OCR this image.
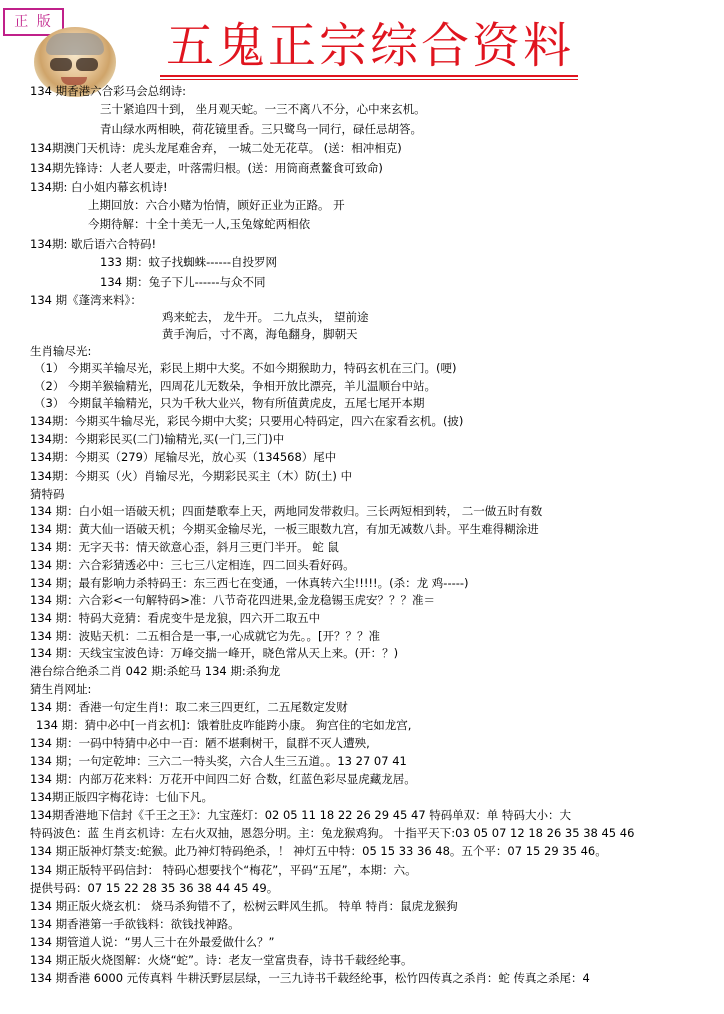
正 版 五鬼正宗综合资料
134 期香港六合彩马会总纲诗:
三十紧追四十到， 坐月观天蛇。一三不离八不分，心中来玄机。
青山绿水两相映，荷花镜里香。三只鹭鸟一同行，碌任忌胡答。
134期澳门天机诗：虎头龙尾难舍弃， 一城二处无花草。 (送：相冲相克)
134期先锋诗：人老人要走，叶落需归根。(送：用筒商煮鳌食可致命)
134期: 白小姐内幕玄机诗!
上期回放：六合小赌为怡情，顾好正业为正路。 开
今期待解：十全十美无一人,玉兔嫁蛇两相依
134期: 歇后语六合特码!
133 期：蚊子找蜘蛛------自投罗网
134 期：兔子下儿------与众不同
134 期《蓬湾来料》：
鸡来蛇去， 龙牛开。 二九点头， 望前途
黄手洵后，寸不离，海龟翻身，脚朝天
生肖输尽光:
（1） 今期买羊输尽光，彩民上期中大奖。不如今期猴助力，特码玄机在三门。(哽)
（2） 今期羊猴输精光，四周花儿无数朵，争相开放比漂亮，羊儿温顺台中站。
（3） 今期鼠羊输精光，只为千秋大业兴，物有所值黄虎皮，五尾七尾开本期
134期：今期买牛输尽光，彩民今期中大奖；只要用心特码定，四六在家看玄机。(披)
134期：今期彩民买(二门)输精光,买(一门,三门)中
134期：今期买（279）尾输尽光，放心买（134568）尾中
134期：今期买（火）肖输尽光，今期彩民买主（木）防(土) 中
猜特码
134 期：白小姐一语破天机；四面楚歌奉上天，两地同发带救归。三长两短相到转， 二一做五时有数
134 期：黄大仙一语破天机；今期买金输尽光，一板三眼数九宫，有加无减数八卦。平生难得糊涂进
134 期：无字天书：情天欲意心歪，斜月三更门半开。 蛇 鼠
134 期：六合彩猜透必中：三七三八定相连，四二回头看好码。
134 期；最有影响力杀特码王：东三西七在变通，一休真转六尘!!!!!。(杀：龙 鸡-----)
134 期：六合彩<一句解特码>准：八节奇花四进果,金龙稳锡玉虎安？？？准＝
134 期：特码大竞猜：看虎变牛是龙狼，四六开二取五中
134 期：波贴天机：二五相合是一事,一心成就它为先。。[开？？？准
134 期：天线宝宝波色诗：万峰交揣一峰开，晓色常从天上来。(开：？)
港台综合绝杀二肖 042 期:杀蛇马 134 期:杀狗龙
猜生肖网址:
134 期：香港一句定生肖!：取二来三四更红，二五尾数定发财
134 期：猜中必中[一肖玄机]：饿着肚皮咋能跨小康。 狗宫住的宅如龙宫,
134 期：一码中特猜中必中一百：陋不堪剩树干，鼠群不灭人遭殃,
134 期；一句定乾坤：三六二一特头奖，六合人生三五道。。13 27 07 41
134 期：内部万花来料：万花开中间四二好 合数，红蓝色彩尽显虎藏龙居。
134期正版四字梅花诗：七仙下凡。
134期香港地下信封《千王之王》：九宝莲灯：02 05 11 18 22 26 29 45 47 特码单双：单 特码大小：大
特码波色：蓝 生肖玄机诗：左右火双抽，恩怨分明。主：兔龙猴鸡狗。 十指平天下:03 05 07 12 18 26 35 38 45 46
134 期正版神灯禁支:蛇猴。此乃神灯特码绝杀，！ 神灯五中特：05 15 33 36 48。五个平：07 15 29 35 46。
134 期正版特平码信封： 特码心想要找个“梅花”，平码“五尾”，本期：六。
提供号码：07 15 22 28 35 36 38 44 45 49。
134 期正版火烧玄机： 烧马杀狗错不了，松树云畔风生抓。 特单 特肖：鼠虎龙猴狗
134 期香港第一手欲钱料：欲钱找神路。
134 期管道人说：“男人三十在外最爱做什么？”
134 期正版火烧图解：火烧“蛇”。诗：老友一堂富贵春，诗书千载经纶事。
134 期香港 6000 元传真料 牛耕沃野层层绿，一三九诗书千载经纶事，松竹四传真之杀肖：蛇 传真之杀尾：4
